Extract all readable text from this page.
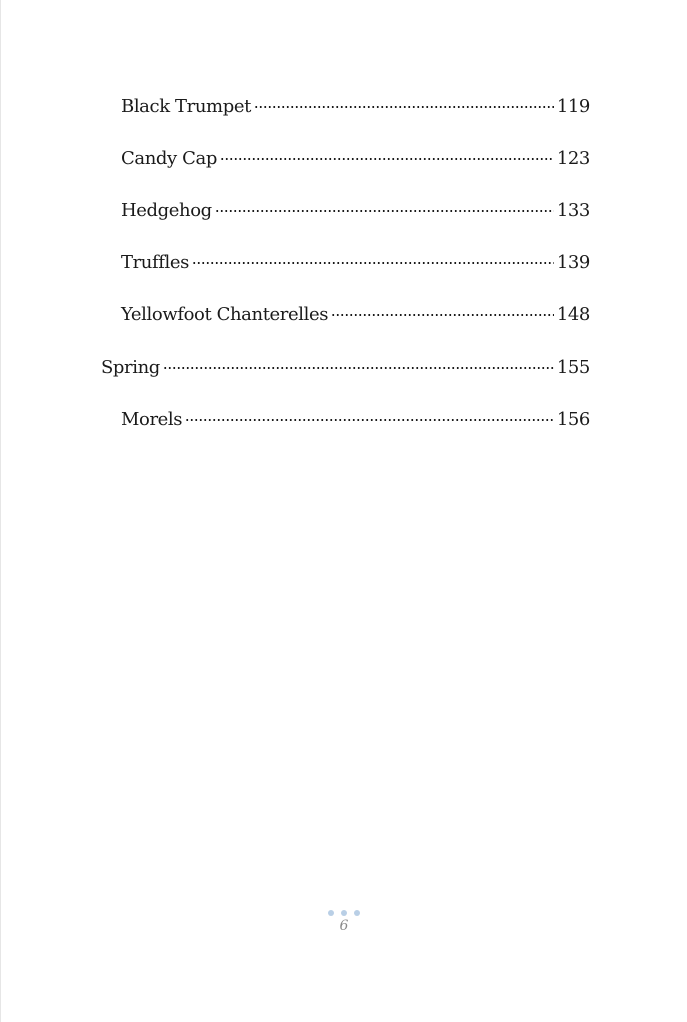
Black Trumpet	119
Candy Cap	123
Hedgehog	133
Truffles	139
Yellowfoot Chanterelles	148
Spring	155
Morels	156
6
